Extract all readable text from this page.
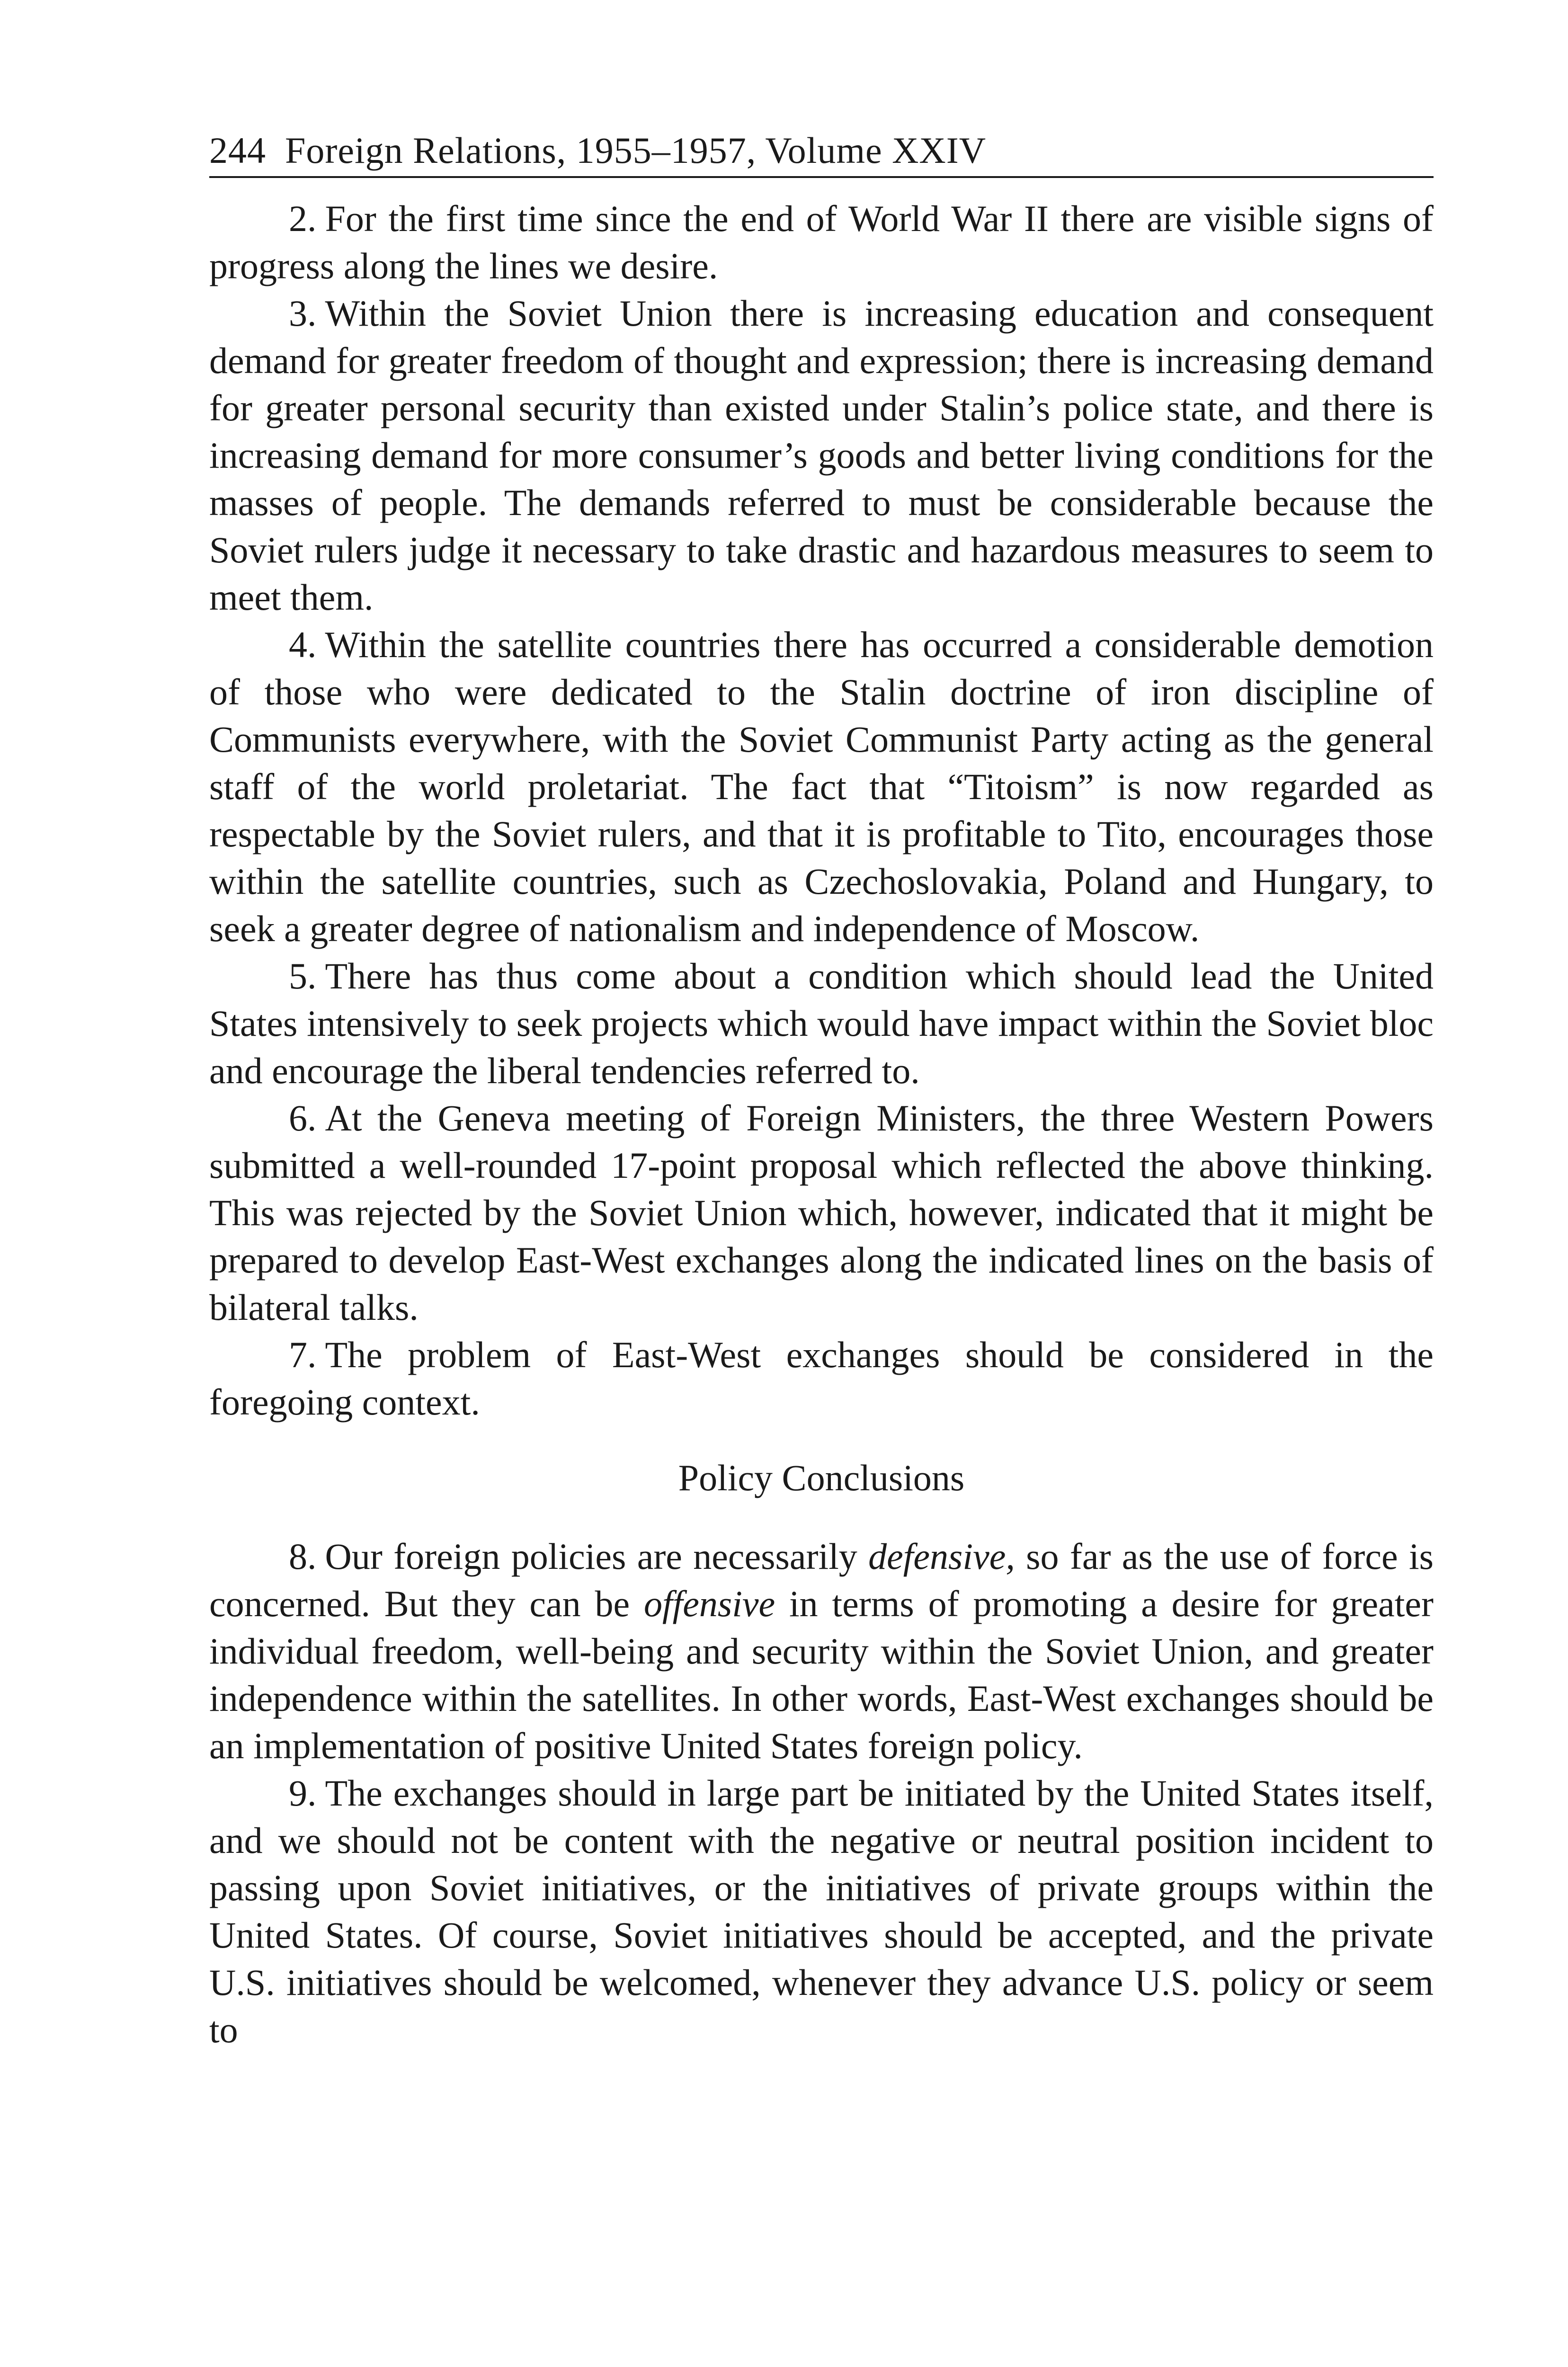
244 Foreign Relations, 1955–1957, Volume XXIV

2. For the first time since the end of World War II there are visible signs of progress along the lines we desire.

3. Within the Soviet Union there is increasing education and consequent demand for greater freedom of thought and expression; there is increasing demand for greater personal security than existed under Stalin’s police state, and there is increasing demand for more consumer’s goods and better living conditions for the masses of people. The demands referred to must be considerable because the Soviet rulers judge it necessary to take drastic and hazardous measures to seem to meet them.

4. Within the satellite countries there has occurred a considerable demotion of those who were dedicated to the Stalin doctrine of iron discipline of Communists everywhere, with the Soviet Communist Party acting as the general staff of the world proletariat. The fact that “Titoism” is now regarded as respectable by the Soviet rulers, and that it is profitable to Tito, encourages those within the satellite countries, such as Czechoslovakia, Poland and Hungary, to seek a greater degree of nationalism and independence of Moscow.

5. There has thus come about a condition which should lead the United States intensively to seek projects which would have impact within the Soviet bloc and encourage the liberal tendencies referred to.

6. At the Geneva meeting of Foreign Ministers, the three Western Powers submitted a well-rounded 17-point proposal which reflected the above thinking. This was rejected by the Soviet Union which, however, indicated that it might be prepared to develop East-West exchanges along the indicated lines on the basis of bilateral talks.

7. The problem of East-West exchanges should be considered in the foregoing context.

Policy Conclusions

8. Our foreign policies are necessarily defensive, so far as the use of force is concerned. But they can be offensive in terms of promoting a desire for greater individual freedom, well-being and security within the Soviet Union, and greater independence within the satellites. In other words, East-West exchanges should be an implementation of positive United States foreign policy.

9. The exchanges should in large part be initiated by the United States itself, and we should not be content with the negative or neutral position incident to passing upon Soviet initiatives, or the initiatives of private groups within the United States. Of course, Soviet initiatives should be accepted, and the private U.S. initiatives should be welcomed, whenever they advance U.S. policy or seem to
